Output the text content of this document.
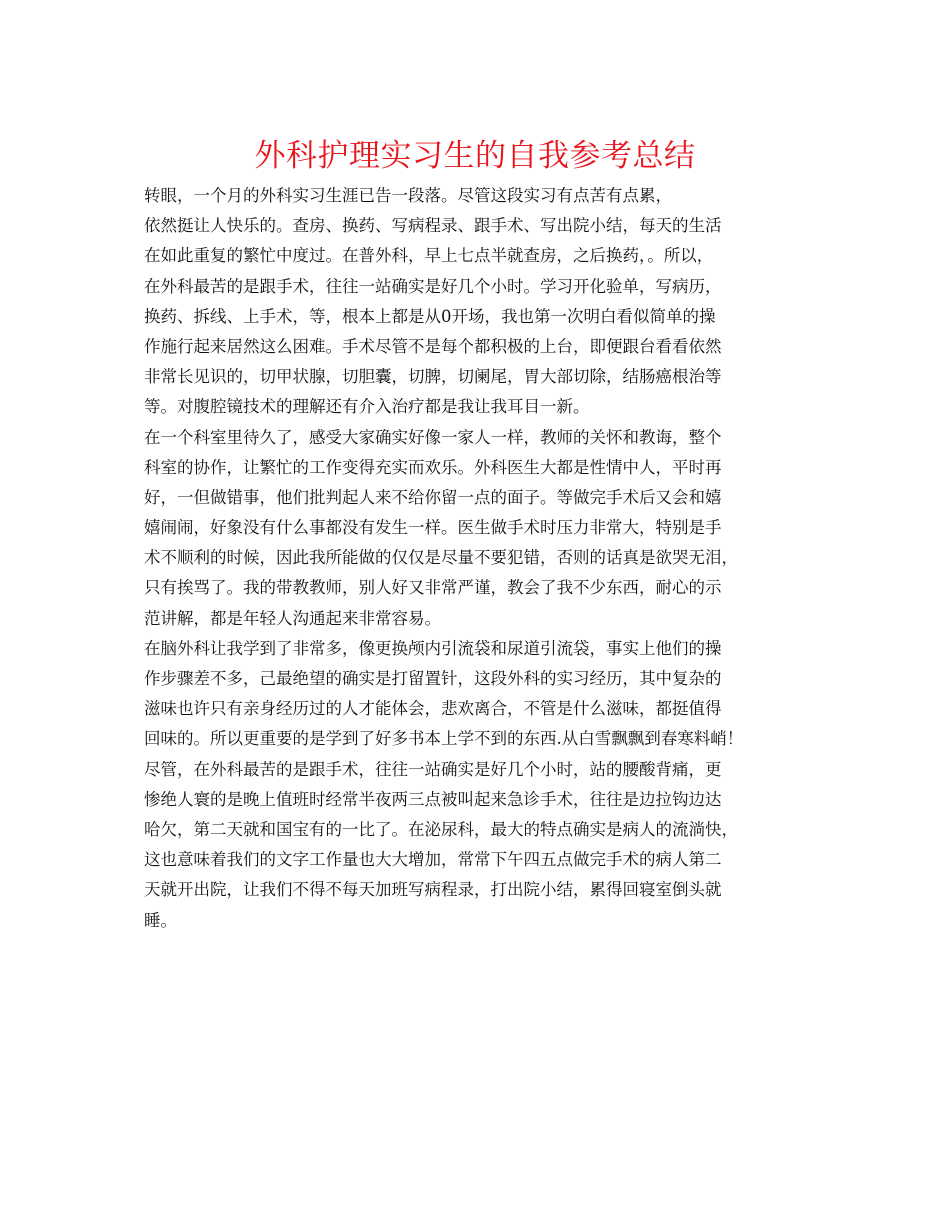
外科护理实习生的自我参考总结
转眼，一个月的外科实习生涯已告一段落。尽管这段实习有点苦有点累，
依然挺让人快乐的。查房、换药、写病程录、跟手术、写出院小结，每天的生活
在如此重复的繁忙中度过。在普外科，早上七点半就查房，之后换药，。所以，
在外科最苦的是跟手术，往往一站确实是好几个小时。学习开化验单，写病历，
换药、拆线、上手术，等，根本上都是从0开场，我也第一次明白看似简单的操
作施行起来居然这么困难。手术尽管不是每个都积极的上台，即便跟台看看依然
非常长见识的，切甲状腺，切胆囊，切脾，切阑尾，胃大部切除，结肠癌根治等
等。对腹腔镜技术的理解还有介入治疗都是我让我耳目一新。
在一个科室里待久了，感受大家确实好像一家人一样，教师的关怀和教诲，整个
科室的协作，让繁忙的工作变得充实而欢乐。外科医生大都是性情中人，平时再
好，一但做错事，他们批判起人来不给你留一点的面子。等做完手术后又会和嬉
嬉闹闹，好象没有什么事都没有发生一样。医生做手术时压力非常大，特别是手
术不顺利的时候，因此我所能做的仅仅是尽量不要犯错，否则的话真是欲哭无泪，
只有挨骂了。我的带教教师，别人好又非常严谨，教会了我不少东西，耐心的示
范讲解，都是年轻人沟通起来非常容易。
在脑外科让我学到了非常多，像更换颅内引流袋和尿道引流袋，事实上他们的操
作步骤差不多，己最绝望的确实是打留置针，这段外科的实习经历，其中复杂的
滋味也许只有亲身经历过的人才能体会，悲欢离合，不管是什么滋味，都挺值得
回味的。所以更重要的是学到了好多书本上学不到的东西.从白雪飘飘到春寒料峭！
尽管，在外科最苦的是跟手术，往往一站确实是好几个小时，站的腰酸背痛，更
惨绝人寰的是晚上值班时经常半夜两三点被叫起来急诊手术，往往是边拉钩边达
哈欠，第二天就和国宝有的一比了。在泌尿科，最大的特点确实是病人的流淌快，
这也意味着我们的文字工作量也大大增加，常常下午四五点做完手术的病人第二
天就开出院，让我们不得不每天加班写病程录，打出院小结，累得回寝室倒头就
睡。
